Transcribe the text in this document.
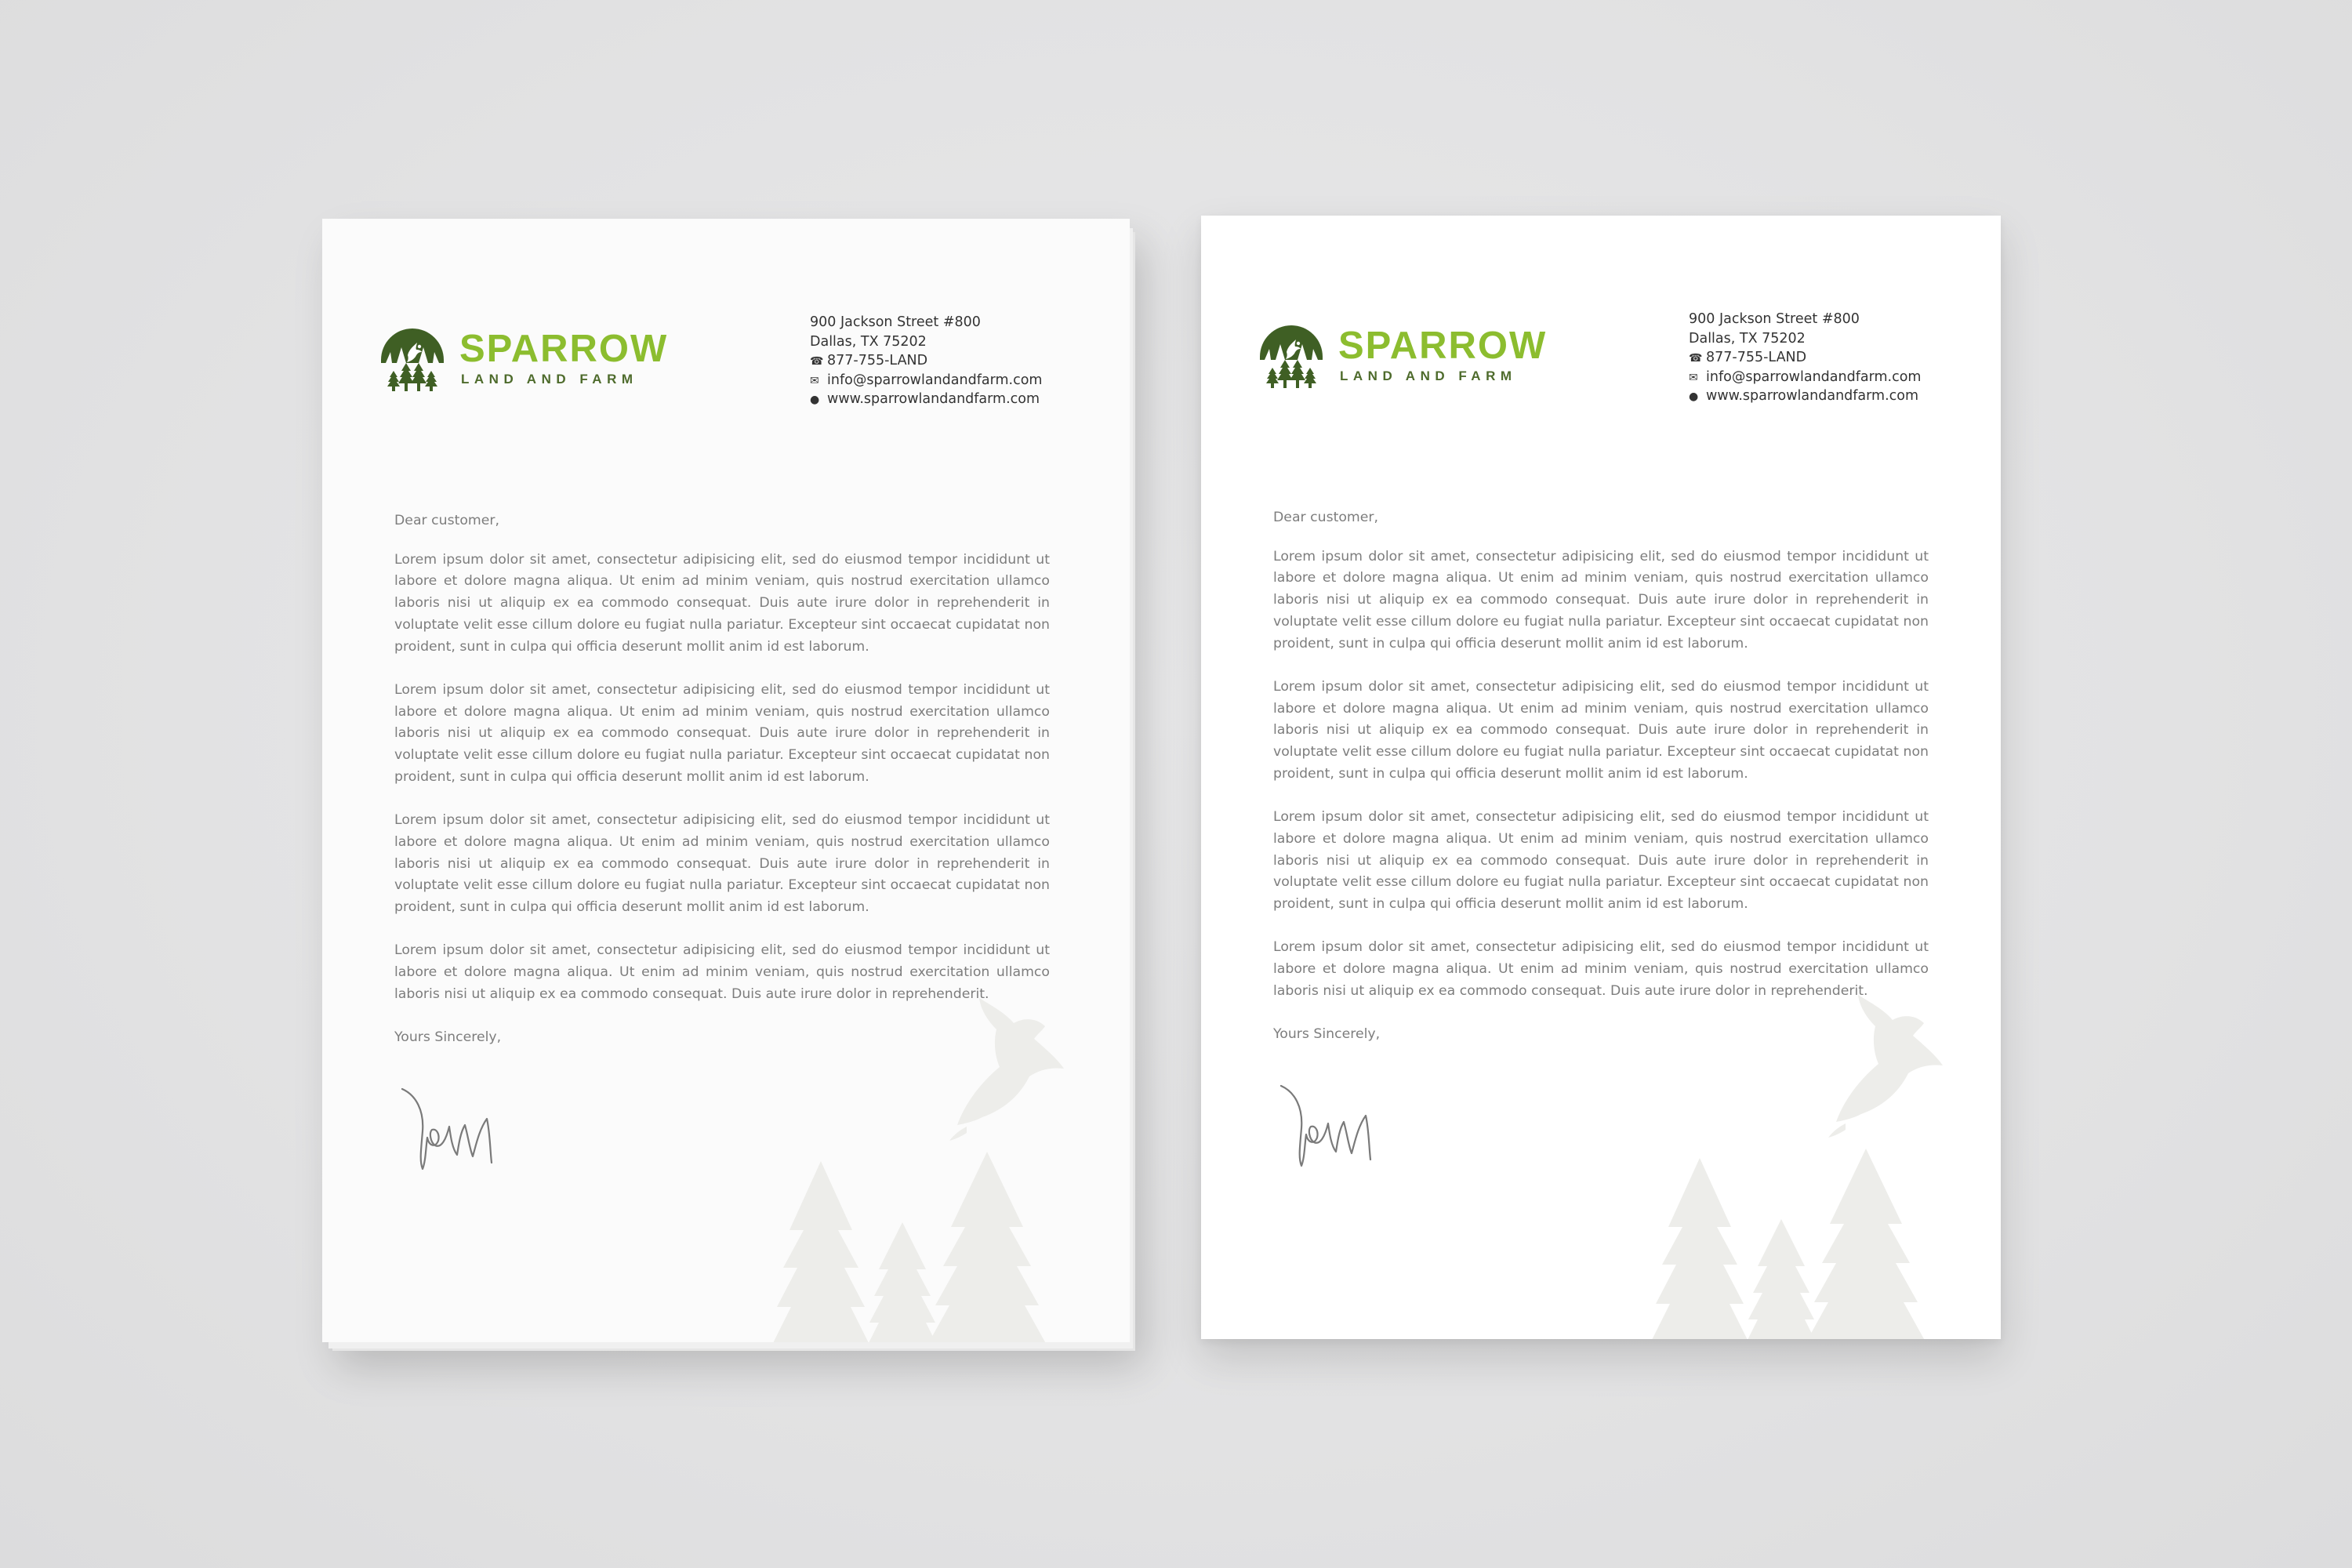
SPARROW
LAND AND FARM
900 Jackson Street #800
Dallas, TX 75202
☎ 877-755-LAND
✉ info@sparrowlandandfarm.com
● www.sparrowlandandfarm.com

Dear customer,

Lorem ipsum dolor sit amet, consectetur adipisicing elit, sed do eiusmod tempor incididunt ut labore et dolore magna aliqua. Ut enim ad minim veniam, quis nostrud exercitation ullamco laboris nisi ut aliquip ex ea commodo consequat. Duis aute irure dolor in reprehenderit in voluptate velit esse cillum dolore eu fugiat nulla pariatur. Excepteur sint occaecat cupidatat non proident, sunt in culpa qui officia deserunt mollit anim id est laborum.

Lorem ipsum dolor sit amet, consectetur adipisicing elit, sed do eiusmod tempor incididunt ut labore et dolore magna aliqua. Ut enim ad minim veniam, quis nostrud exercitation ullamco laboris nisi ut aliquip ex ea commodo consequat. Duis aute irure dolor in reprehenderit in voluptate velit esse cillum dolore eu fugiat nulla pariatur. Excepteur sint occaecat cupidatat non proident, sunt in culpa qui officia deserunt mollit anim id est laborum.

Lorem ipsum dolor sit amet, consectetur adipisicing elit, sed do eiusmod tempor incididunt ut labore et dolore magna aliqua. Ut enim ad minim veniam, quis nostrud exercitation ullamco laboris nisi ut aliquip ex ea commodo consequat. Duis aute irure dolor in reprehenderit in voluptate velit esse cillum dolore eu fugiat nulla pariatur. Excepteur sint occaecat cupidatat non proident, sunt in culpa qui officia deserunt mollit anim id est laborum.

Lorem ipsum dolor sit amet, consectetur adipisicing elit, sed do eiusmod tempor incididunt ut labore et dolore magna aliqua. Ut enim ad minim veniam, quis nostrud exercitation ullamco laboris nisi ut aliquip ex ea commodo consequat. Duis aute irure dolor in reprehenderit.

Yours Sincerely,

SPARROW
LAND AND FARM
900 Jackson Street #800
Dallas, TX 75202
☎ 877-755-LAND
✉ info@sparrowlandandfarm.com
● www.sparrowlandandfarm.com

Dear customer,

Lorem ipsum dolor sit amet, consectetur adipisicing elit, sed do eiusmod tempor incididunt ut labore et dolore magna aliqua. Ut enim ad minim veniam, quis nostrud exercitation ullamco laboris nisi ut aliquip ex ea commodo consequat. Duis aute irure dolor in reprehenderit in voluptate velit esse cillum dolore eu fugiat nulla pariatur. Excepteur sint occaecat cupidatat non proident, sunt in culpa qui officia deserunt mollit anim id est laborum.

Lorem ipsum dolor sit amet, consectetur adipisicing elit, sed do eiusmod tempor incididunt ut labore et dolore magna aliqua. Ut enim ad minim veniam, quis nostrud exercitation ullamco laboris nisi ut aliquip ex ea commodo consequat. Duis aute irure dolor in reprehenderit in voluptate velit esse cillum dolore eu fugiat nulla pariatur. Excepteur sint occaecat cupidatat non proident, sunt in culpa qui officia deserunt mollit anim id est laborum.

Lorem ipsum dolor sit amet, consectetur adipisicing elit, sed do eiusmod tempor incididunt ut labore et dolore magna aliqua. Ut enim ad minim veniam, quis nostrud exercitation ullamco laboris nisi ut aliquip ex ea commodo consequat. Duis aute irure dolor in reprehenderit in voluptate velit esse cillum dolore eu fugiat nulla pariatur. Excepteur sint occaecat cupidatat non proident, sunt in culpa qui officia deserunt mollit anim id est laborum.

Lorem ipsum dolor sit amet, consectetur adipisicing elit, sed do eiusmod tempor incididunt ut labore et dolore magna aliqua. Ut enim ad minim veniam, quis nostrud exercitation ullamco laboris nisi ut aliquip ex ea commodo consequat. Duis aute irure dolor in reprehenderit.

Yours Sincerely,
